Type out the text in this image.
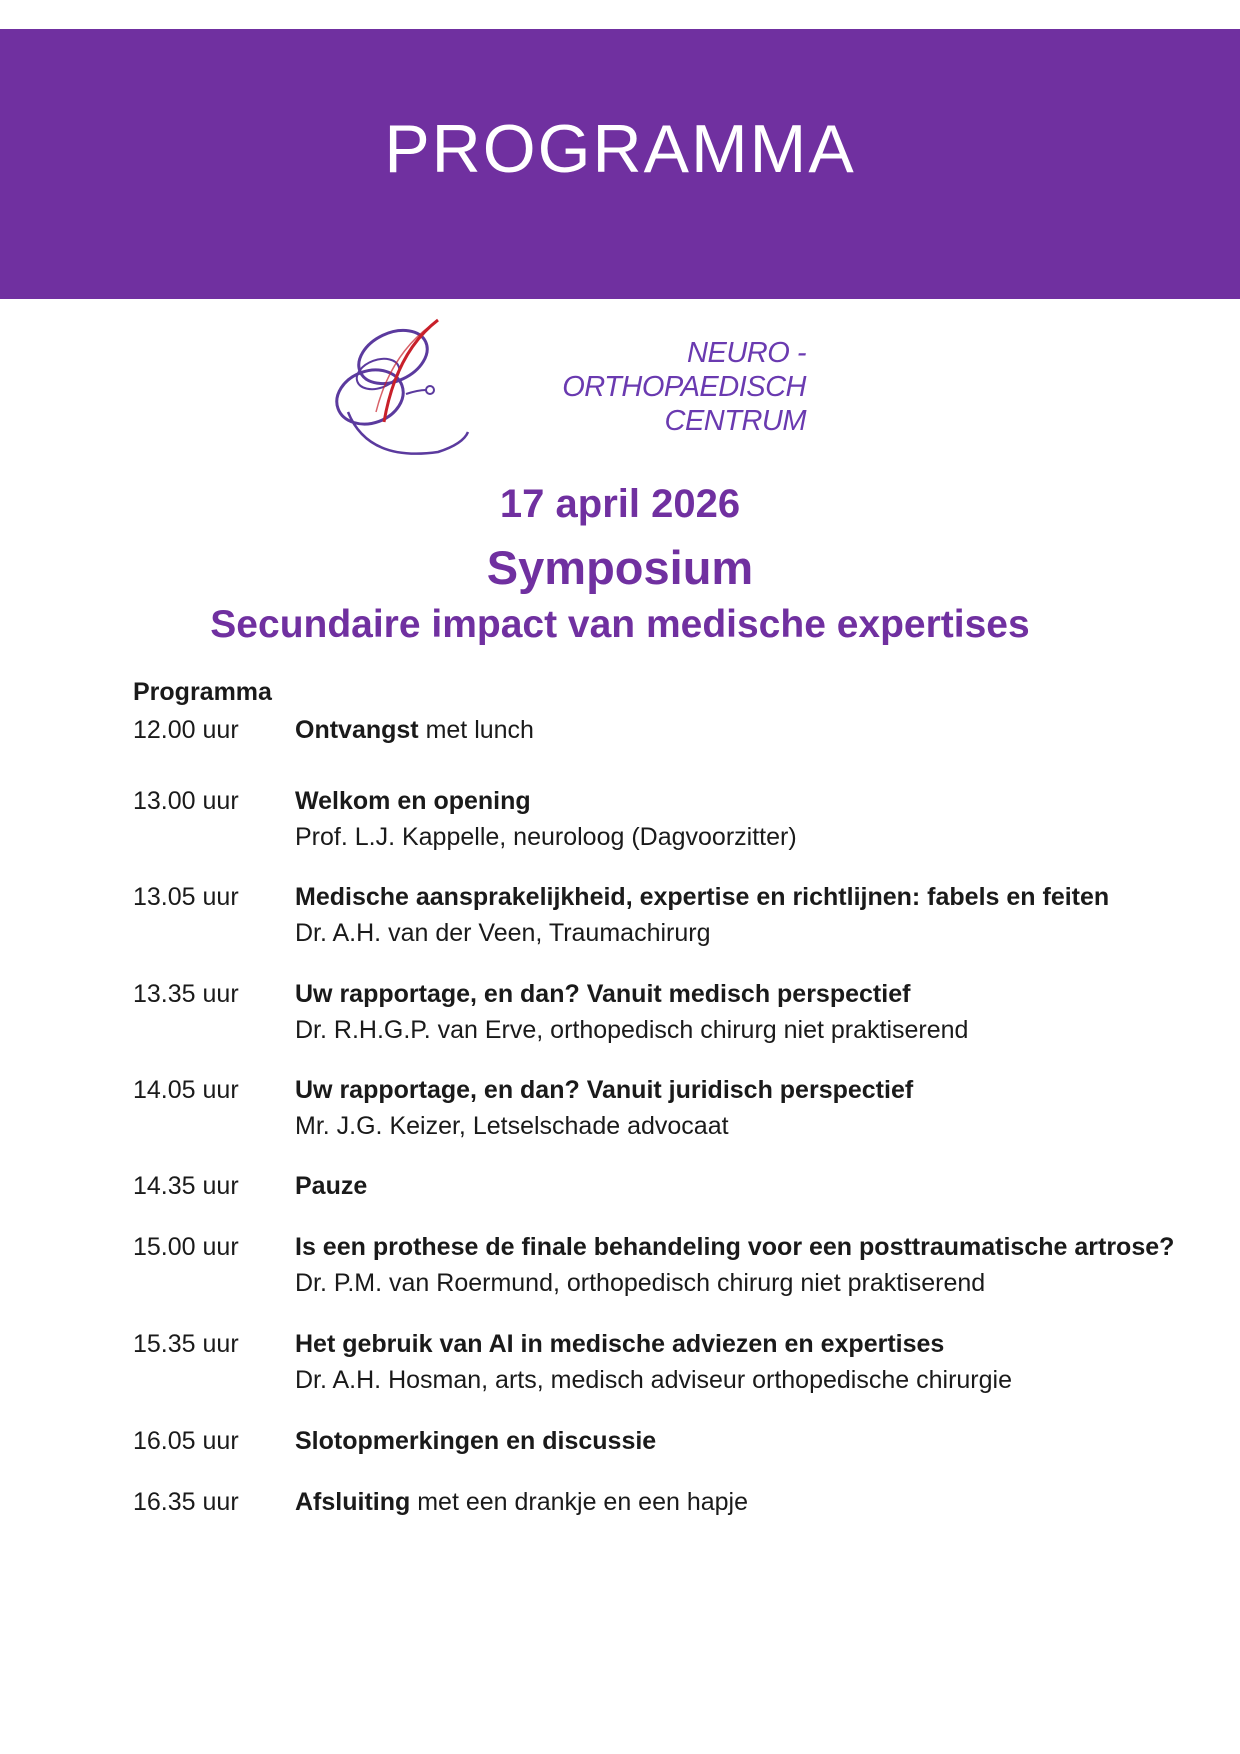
PROGRAMMA
NEURO - ORTHOPAEDISCH
CENTRUM
17 april 2026
Symposium
Secundaire impact van medische expertises
Programma
12.00 uur Ontvangst met lunch
13.00 uur Welkom en opening
Prof. L.J. Kappelle, neuroloog (Dagvoorzitter)
13.05 uur Medische aansprakelijkheid, expertise en richtlijnen: fabels en feiten
Dr. A.H. van der Veen, Traumachirurg
13.35 uur Uw rapportage, en dan? Vanuit medisch perspectief
Dr. R.H.G.P. van Erve, orthopedisch chirurg niet praktiserend
14.05 uur Uw rapportage, en dan? Vanuit juridisch perspectief
Mr. J.G. Keizer, Letselschade advocaat
14.35 uur Pauze
15.00 uur Is een prothese de finale behandeling voor een posttraumatische artrose?
Dr. P.M. van Roermund, orthopedisch chirurg niet praktiserend
15.35 uur Het gebruik van AI in medische adviezen en expertises
Dr. A.H. Hosman, arts, medisch adviseur orthopedische chirurgie
16.05 uur Slotopmerkingen en discussie
16.35 uur Afsluiting met een drankje en een hapje
